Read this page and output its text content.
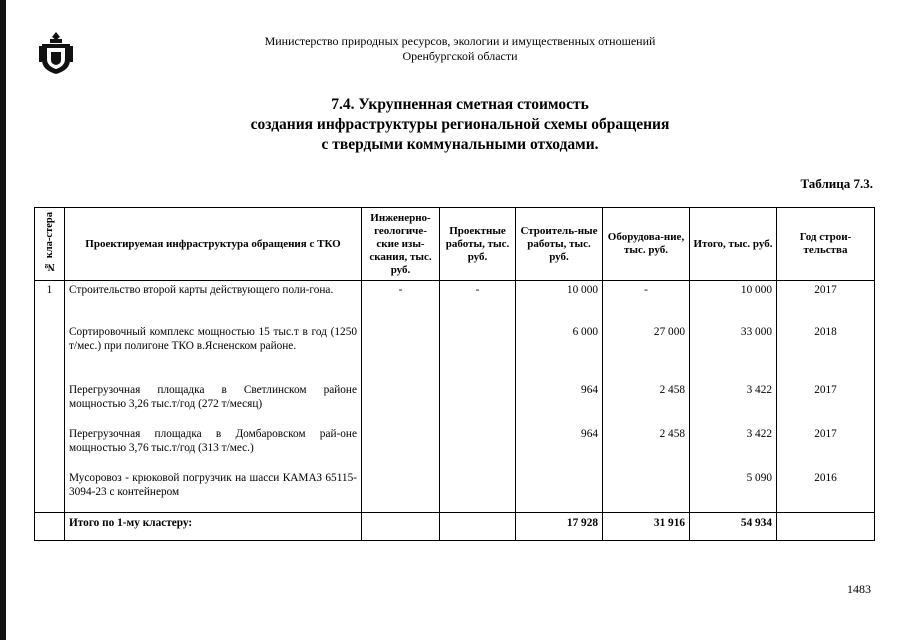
Министерство природных ресурсов, экологии и имущественных отношений
Оренбургской области
7.4. Укрупненная сметная стоимость
создания инфраструктуры региональной схемы обращения
с твердыми коммунальными отходами.
Таблица 7.3.
№ кла-стера	Проектируемая инфраструктура обращения с ТКО	Инженерно-геологиче-ские изы-скания, тыс. руб.	Проектные работы, тыс. руб.	Строитель-ные работы, тыс. руб.	Оборудова-ние, тыс. руб.	Итого, тыс. руб.	Год строи-тельства
1	Строительство второй карты действующего поли-гона.	-	-	10 000	-	10 000	2017
	Сортировочный комплекс мощностью 15 тыс.т в год (1250 т/мес.) при полигоне ТКО в.Ясненском районе.			6 000	27 000	33 000	2018
	Перегрузочная площадка в Светлинском районе мощностью 3,26 тыс.т/год (272 т/месяц)			964	2 458	3 422	2017
	Перегрузочная площадка в Домбаровском рай-оне мощностью 3,76 тыс.т/год (313 т/мес.)			964	2 458	3 422	2017
	Мусоровоз - крюковой погрузчик на шасси КАМАЗ 65115-3094-23 с контейнером					5 090	2016
	Итого по 1-му кластеру:			17 928	31 916	54 934	
1483
